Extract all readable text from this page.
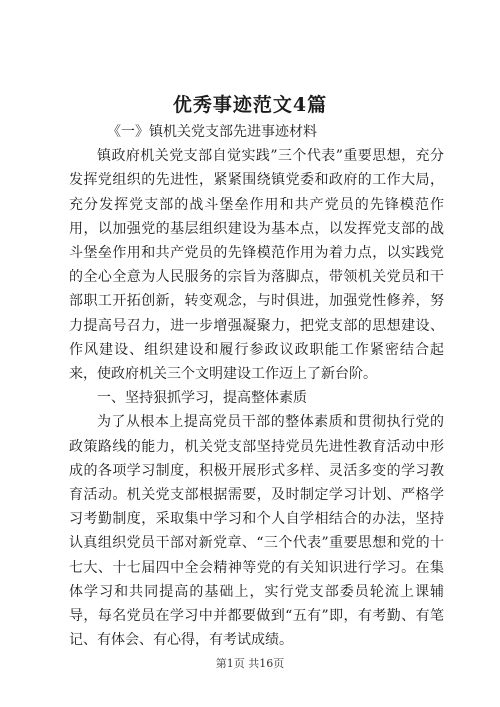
优秀事迹范文4篇

《一》镇机关党支部先进事迹材料

镇政府机关党支部自觉实践”三个代表”重要思想，充分发挥党组织的先进性，紧紧围绕镇党委和政府的工作大局，充分发挥党支部的战斗堡垒作用和共产党员的先锋模范作用，以加强党的基层组织建设为基本点，以发挥党支部的战斗堡垒作用和共产党员的先锋模范作用为着力点，以实践党的全心全意为人民服务的宗旨为落脚点，带领机关党员和干部职工开拓创新，转变观念，与时俱进，加强党性修养，努力提高号召力，进一步增强凝聚力，把党支部的思想建设、作风建设、组织建设和履行参政议政职能工作紧密结合起来，使政府机关三个文明建设工作迈上了新台阶。

一、坚持狠抓学习，提高整体素质

为了从根本上提高党员干部的整体素质和贯彻执行党的政策路线的能力，机关党支部坚持党员先进性教育活动中形成的各项学习制度，积极开展形式多样、灵活多变的学习教育活动。机关党支部根据需要，及时制定学习计划、严格学习考勤制度，采取集中学习和个人自学相结合的办法，坚持认真组织党员干部对新党章、“三个代表”重要思想和党的十七大、十七届四中全会精神等党的有关知识进行学习。在集体学习和共同提高的基础上，实行党支部委员轮流上课辅导，每名党员在学习中并都要做到“五有”即，有考勤、有笔记、有体会、有心得，有考试成绩。

第1页 共16页
